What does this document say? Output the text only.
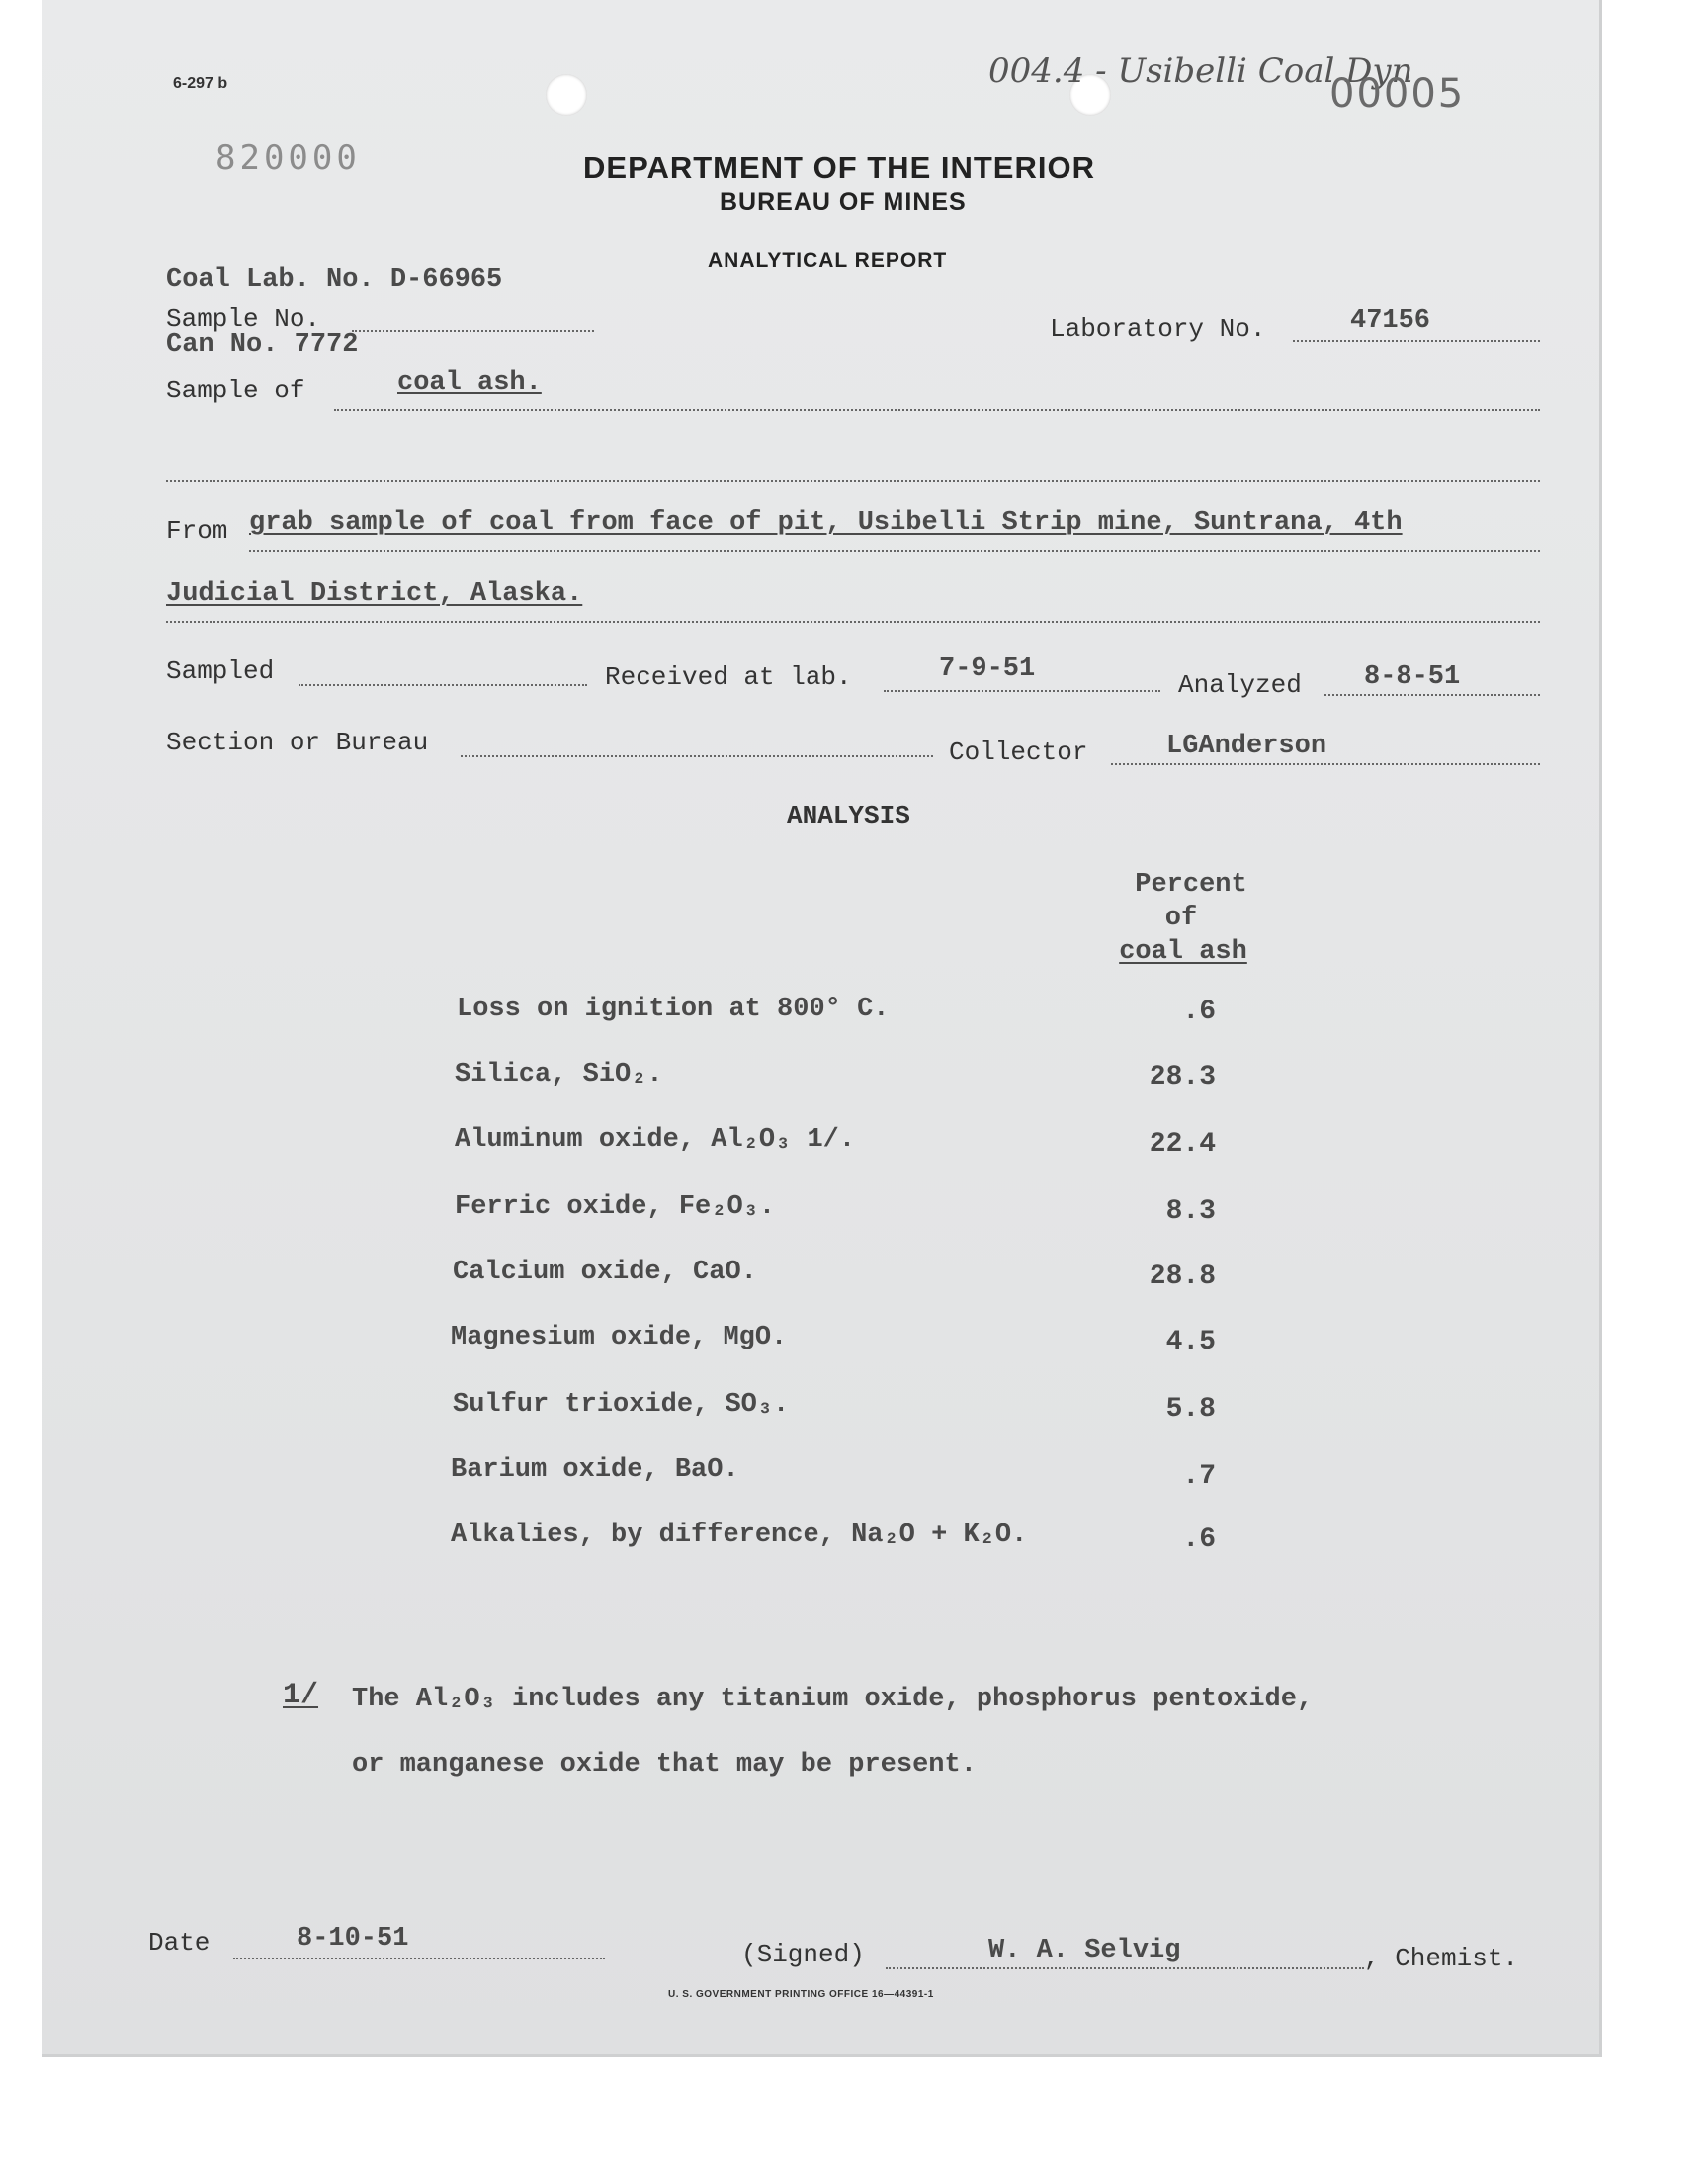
6-297 b
820000
004.4 - Usibelli Coal Dyn
00005
DEPARTMENT OF THE INTERIOR
BUREAU OF MINES
ANALYTICAL REPORT
Coal Lab. No. D-66965
Sample No.
Can No. 7772
Laboratory No.	47156
Sample of	coal ash.
From grab sample of coal from face of pit, Usibelli Strip mine, Suntrana, 4th
Judicial District, Alaska.
Sampled	Received at lab.	7-9-51
Analyzed 8-8-51
Section or Bureau	Collector	LGAnderson
ANALYSIS
Percent
of
coal ash
Loss on ignition at 800° C.	.6
Silica, SiO₂.	28.3
Aluminum oxide, Al₂O₃ 1/.	22.4
Ferric oxide, Fe₂O₃.	8.3
Calcium oxide, CaO.	28.8
Magnesium oxide, MgO.	4.5
Sulfur trioxide, SO₃.	5.8
Barium oxide, BaO.	.7
Alkalies, by difference, Na₂O + K₂O.	.6
1/ The Al₂O₃ includes any titanium oxide, phosphorus pentoxide,
or manganese oxide that may be present.
Date	8-10-51
(Signed)	W. A. Selvig	, Chemist.
U. S. GOVERNMENT PRINTING OFFICE 16—44391-1
